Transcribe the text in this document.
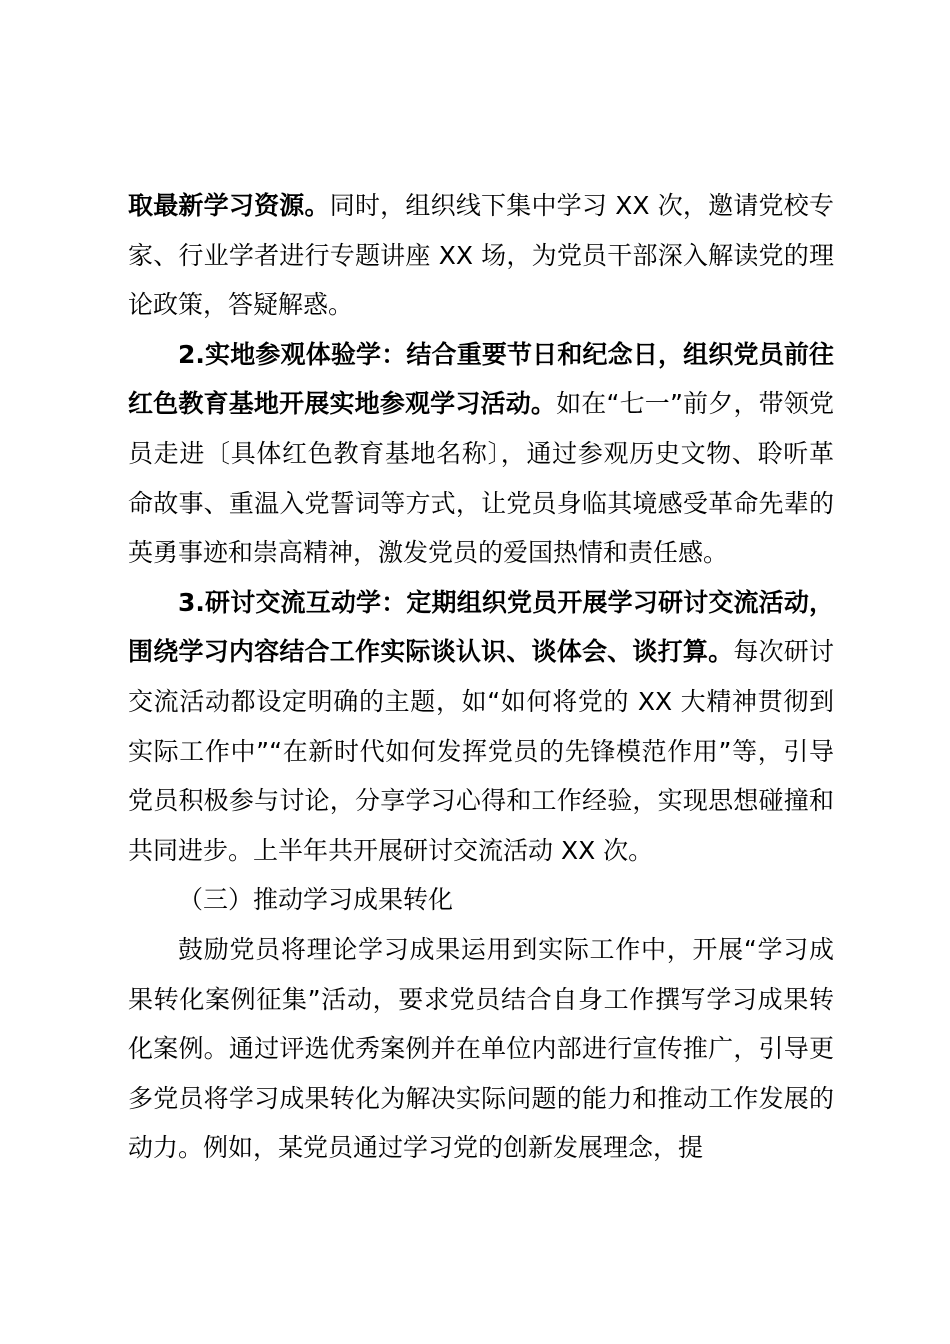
取最新学习资源。同时，组织线下集中学习 XX 次，邀请党校专家、行业学者进行专题讲座 XX 场，为党员干部深入解读党的理论政策，答疑解惑。

2.实地参观体验学：结合重要节日和纪念日，组织党员前往红色教育基地开展实地参观学习活动。如在“七一”前夕，带领党员走进〔具体红色教育基地名称〕，通过参观历史文物、聆听革命故事、重温入党誓词等方式，让党员身临其境感受革命先辈的英勇事迹和崇高精神，激发党员的爱国热情和责任感。

3.研讨交流互动学：定期组织党员开展学习研讨交流活动，围绕学习内容结合工作实际谈认识、谈体会、谈打算。每次研讨交流活动都设定明确的主题，如“如何将党的 XX 大精神贯彻到实际工作中”“在新时代如何发挥党员的先锋模范作用”等，引导党员积极参与讨论，分享学习心得和工作经验，实现思想碰撞和共同进步。上半年共开展研讨交流活动 XX 次。

（三）推动学习成果转化

鼓励党员将理论学习成果运用到实际工作中，开展“学习成果转化案例征集”活动，要求党员结合自身工作撰写学习成果转化案例。通过评选优秀案例并在单位内部进行宣传推广，引导更多党员将学习成果转化为解决实际问题的能力和推动工作发展的动力。例如，某党员通过学习党的创新发展理念，提
